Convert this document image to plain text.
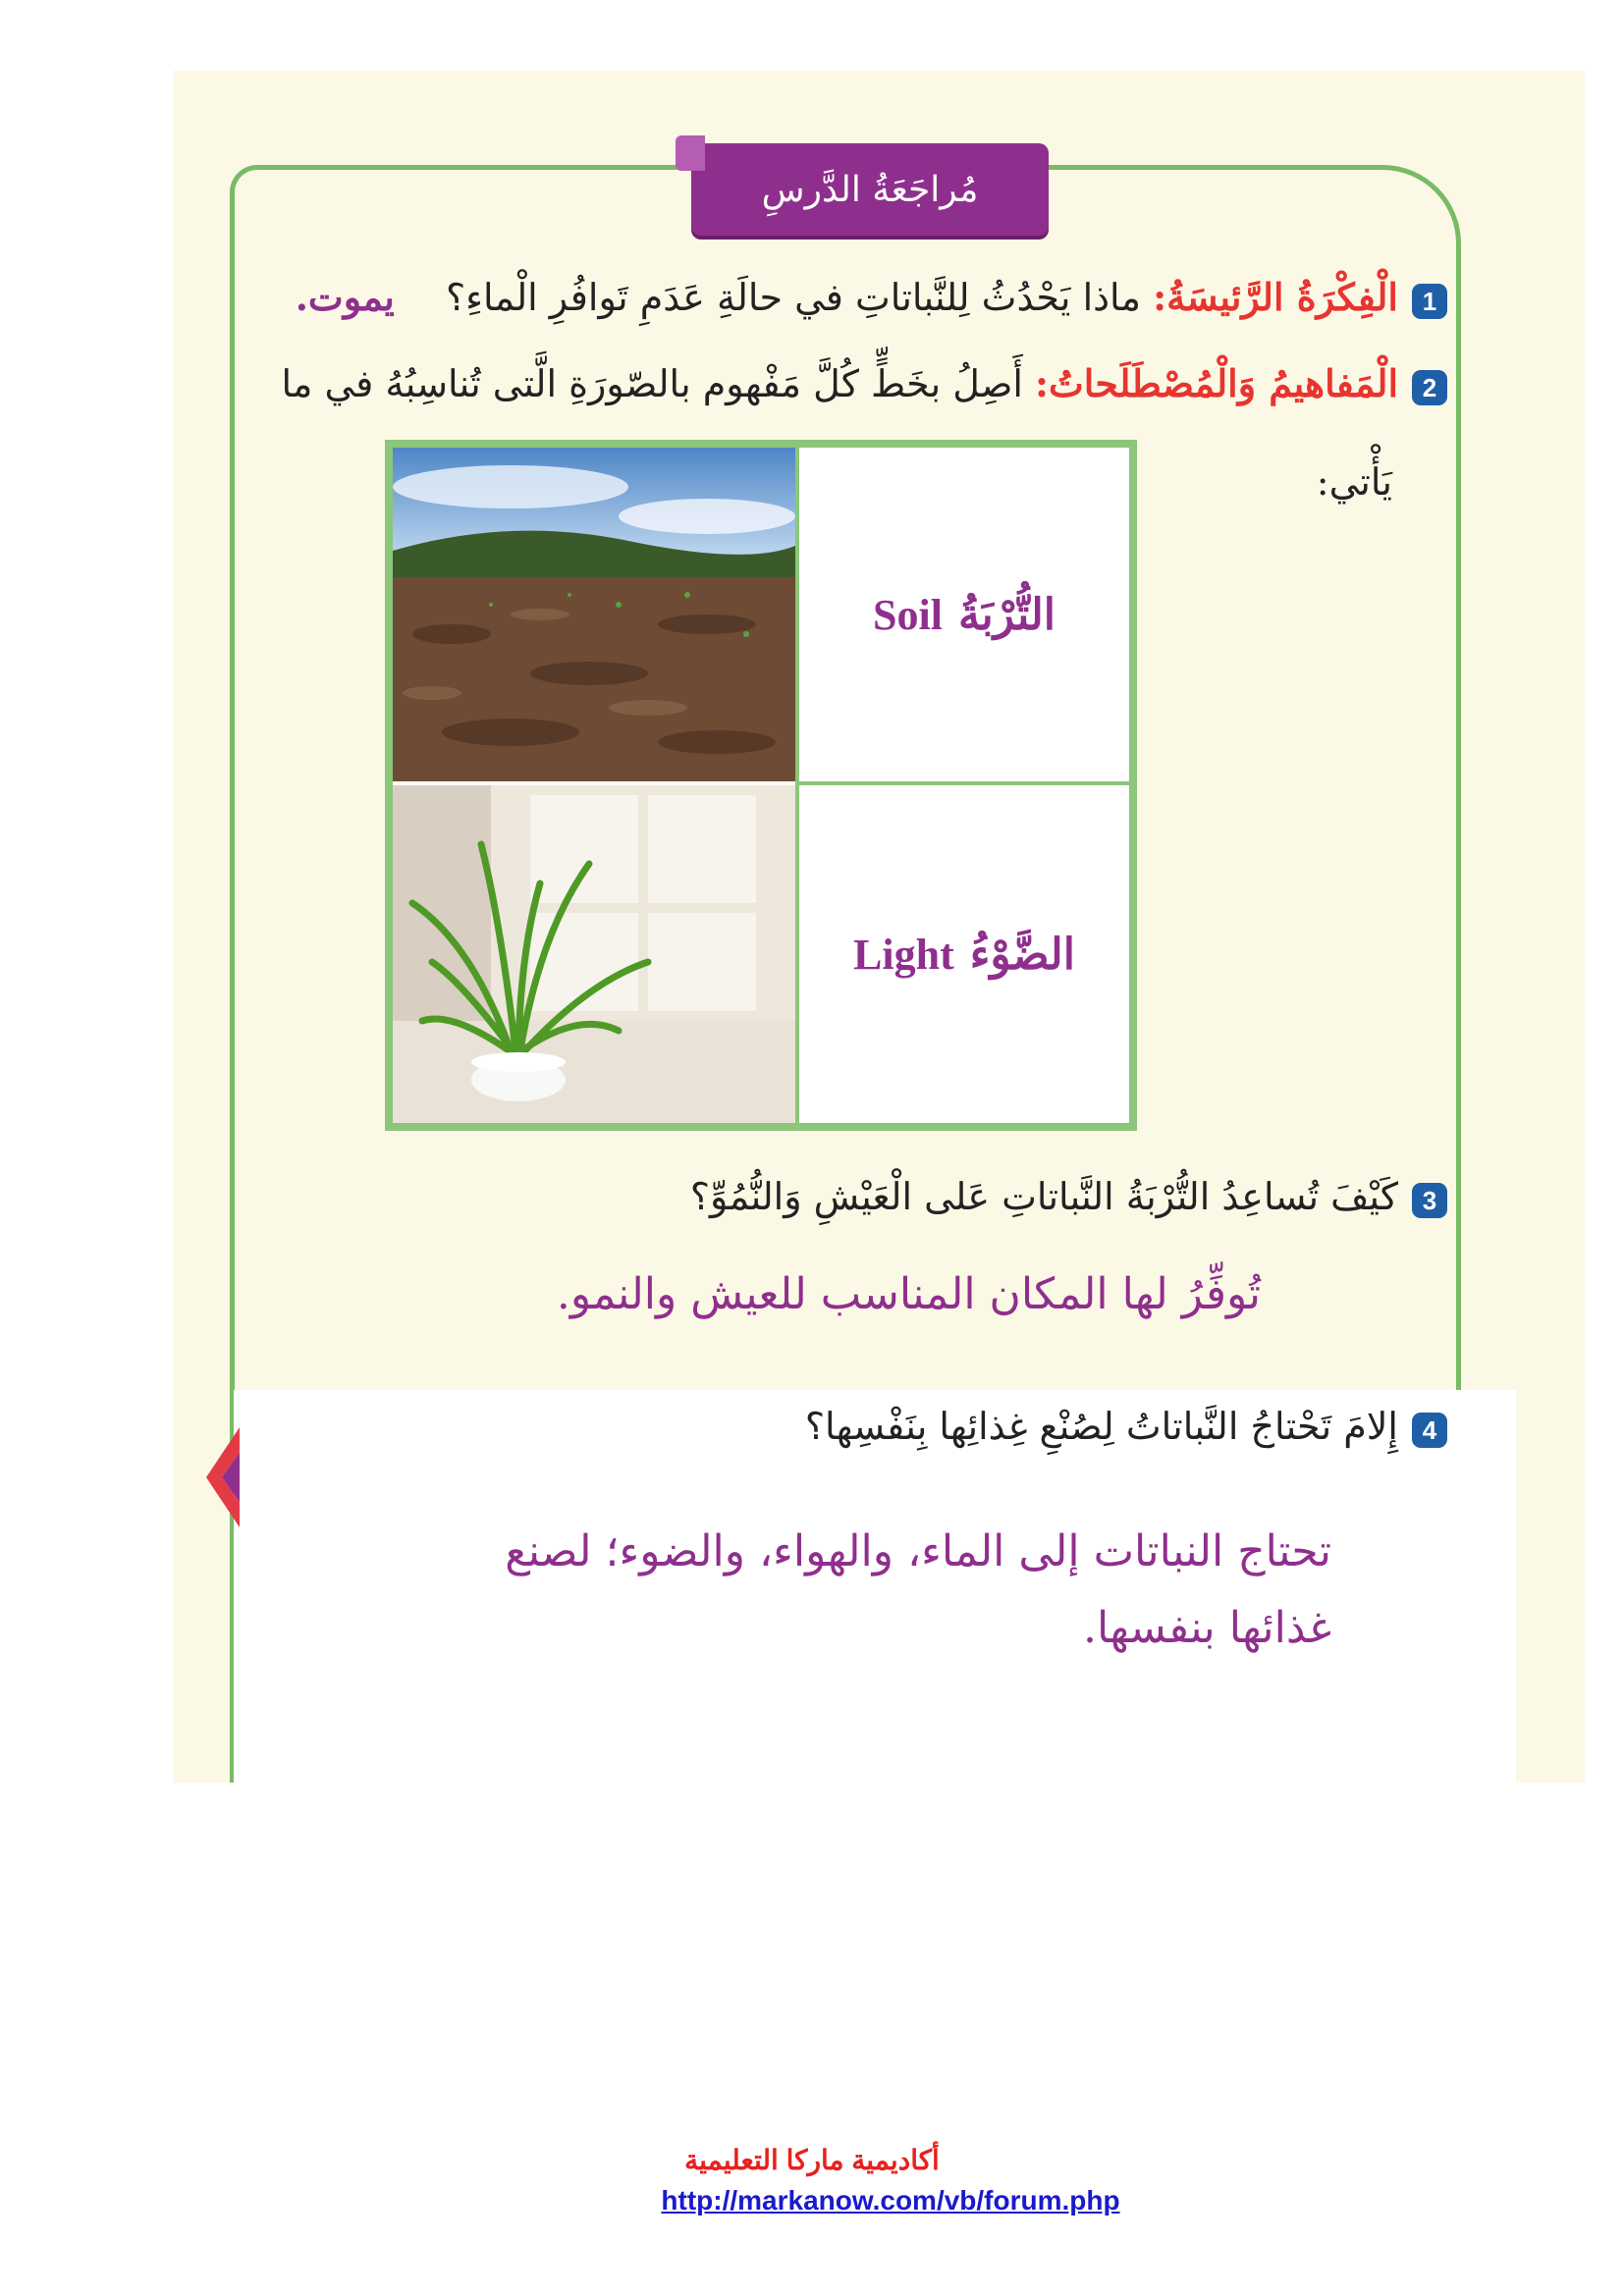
مُراجَعَةُ الدَّرسِ
1الْفِكْرَةُ الرَّئيسَةُ: ماذا يَحْدُثُ لِلنَّباتاتِ في حالَةِ عَدَمِ تَوافُرِ الْماءِ؟ يموت.
2الْمَفاهيمُ وَالْمُصْطَلَحاتُ: أَصِلُ بخَطٍّ كُلَّ مَفْهوم بالصّورَةِ الَّتى تُناسِبُهُ في ما
يَأْتي:
التُّرْبَةُSoil
الضَّوْءُLight
3كَيْفَ تُساعِدُ التُّرْبَةُ النَّباتاتِ عَلى الْعَيْشِ وَالنُّمُوِّ؟
تُوفِّرُ لها المكان المناسب للعيش والنمو.
4إِلامَ تَحْتاجُ النَّباتاتُ لِصُنْعِ غِذائِها بِنَفْسِها؟
تحتاج النباتات إلى الماء، والهواء، والضوء؛ لصنع
غذائها بنفسها.
أكاديمية ماركا التعليمية
http://markanow.com/vb/forum.php
